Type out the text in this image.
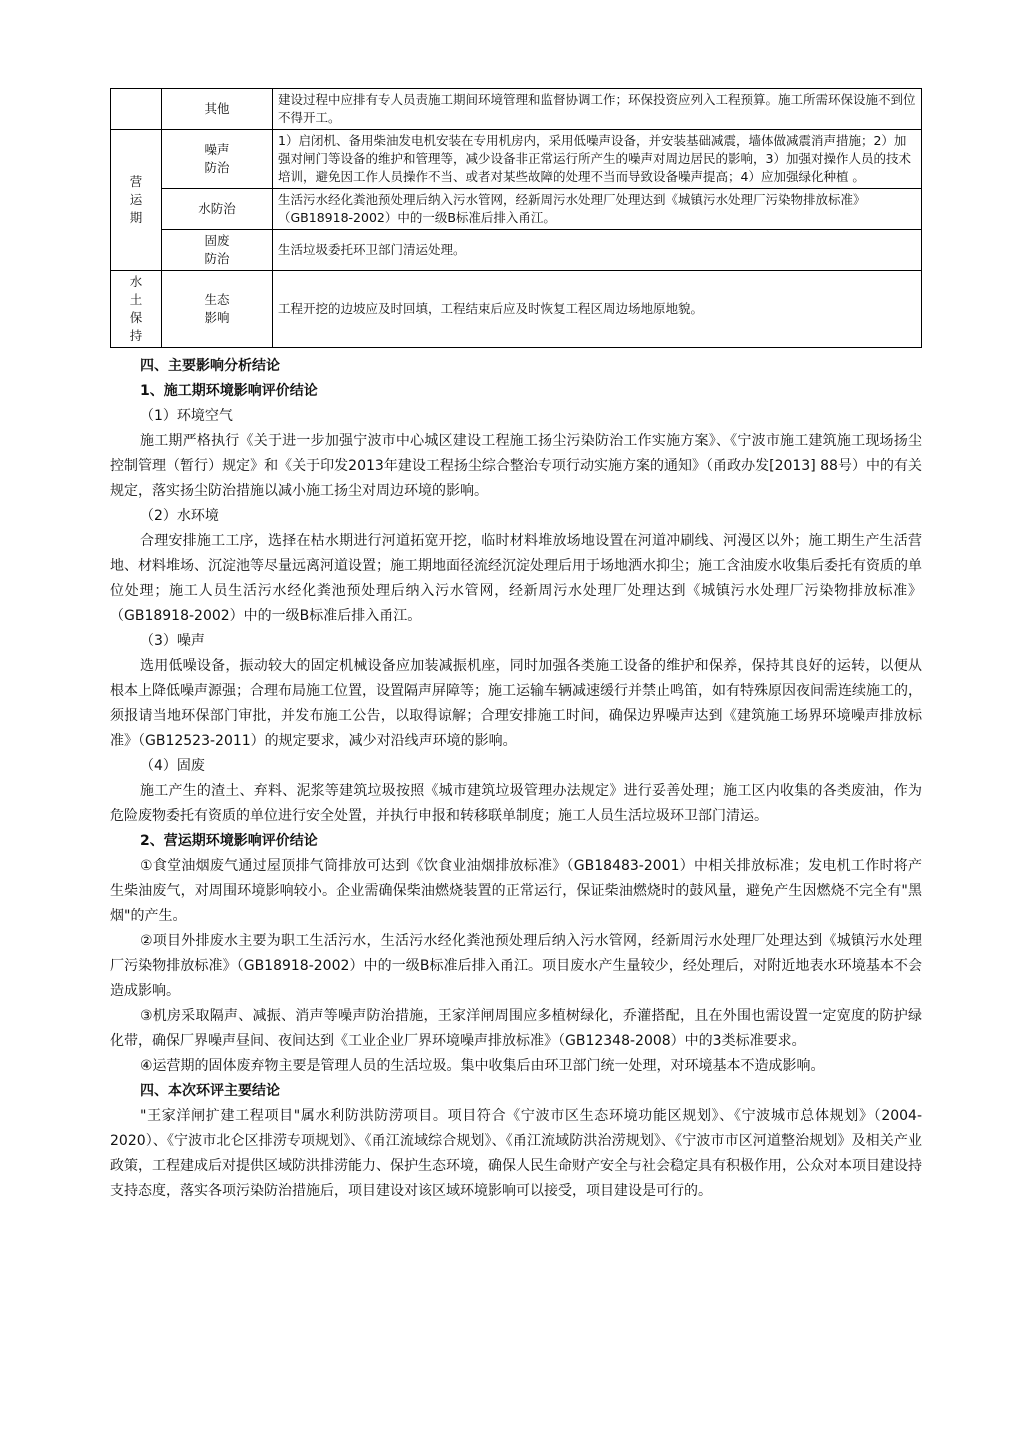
	其他	建设过程中应排有专人员责施工期间环境管理和监督协调工作；环保投资应列入工程预算。施工所需环保设施不到位不得开工。
营运期	噪声防治	1）启闭机、备用柴油发电机安装在专用机房内，采用低噪声设备，并安装基础减震，墙体做减震消声措施；2）加强对闸门等设备的维护和管理等，减少设备非正常运行所产生的噪声对周边居民的影响，3）加强对操作人员的技术培训，避免因工作人员操作不当、或者对某些故障的处理不当而导致设备噪声提高；4）应加强绿化种植 。
	水防治	生活污水经化粪池预处理后纳入污水管网，经新周污水处理厂处理达到《城镇污水处理厂污染物排放标准》（GB18918-2002）中的一级B标准后排入甬江。
	固废防治	生活垃圾委托环卫部门清运处理。
水土保持	生态影响	工程开挖的边坡应及时回填，工程结束后应及时恢复工程区周边场地原地貌。
四、主要影响分析结论
1、施工期环境影响评价结论
（1）环境空气

施工期严格执行《关于进一步加强宁波市中心城区建设工程施工扬尘污染防治工作实施方案》、《宁波市施工建筑施工现场扬尘控制管理（暂行）规定》和《关于印发2013年建设工程扬尘综合整治专项行动实施方案的通知》（甬政办发[2013] 88号）中的有关规定，落实扬尘防治措施以减小施工扬尘对周边环境的影响。

（2）水环境

合理安排施工工序，选择在枯水期进行河道拓宽开挖，临时材料堆放场地设置在河道冲刷线、河漫区以外；施工期生产生活营地、材料堆场、沉淀池等尽量远离河道设置；施工期地面径流经沉淀处理后用于场地洒水抑尘；施工含油废水收集后委托有资质的单位处理；施工人员生活污水经化粪池预处理后纳入污水管网，经新周污水处理厂处理达到《城镇污水处理厂污染物排放标准》（GB18918-2002）中的一级B标准后排入甬江。

（3）噪声

选用低噪设备，振动较大的固定机械设备应加装减振机座，同时加强各类施工设备的维护和保养，保持其良好的运转，以便从根本上降低噪声源强；合理布局施工位置，设置隔声屏障等；施工运输车辆减速缓行并禁止鸣笛，如有特殊原因夜间需连续施工的，须报请当地环保部门审批，并发布施工公告，以取得谅解；合理安排施工时间，确保边界噪声达到《建筑施工场界环境噪声排放标准》（GB12523-2011）的规定要求，减少对沿线声环境的影响。

（4）固废

施工产生的渣土、弃料、泥浆等建筑垃圾按照《城市建筑垃圾管理办法规定》进行妥善处理；施工区内收集的各类废油，作为危险废物委托有资质的单位进行安全处置，并执行申报和转移联单制度；施工人员生活垃圾环卫部门清运。

2、营运期环境影响评价结论

①食堂油烟废气通过屋顶排气筒排放可达到《饮食业油烟排放标准》（GB18483-2001）中相关排放标准；发电机工作时将产生柴油废气，对周围环境影响较小。企业需确保柴油燃烧装置的正常运行，保证柴油燃烧时的鼓风量，避免产生因燃烧不完全有"黑烟"的产生。

②项目外排废水主要为职工生活污水，生活污水经化粪池预处理后纳入污水管网，经新周污水处理厂处理达到《城镇污水处理厂污染物排放标准》（GB18918-2002）中的一级B标准后排入甬江。项目废水产生量较少，经处理后，对附近地表水环境基本不会造成影响。

③机房采取隔声、减振、消声等噪声防治措施，王家洋闸周围应多植树绿化，乔灌搭配，且在外围也需设置一定宽度的防护绿化带，确保厂界噪声昼间、夜间达到《工业企业厂界环境噪声排放标准》（GB12348-2008）中的3类标准要求。

④运营期的固体废弃物主要是管理人员的生活垃圾。集中收集后由环卫部门统一处理，对环境基本不造成影响。

四、本次环评主要结论

"王家洋闸扩建工程项目"属水利防洪防涝项目。项目符合《宁波市区生态环境功能区规划》、《宁波城市总体规划》（2004-2020）、《宁波市北仑区排涝专项规划》、《甬江流域综合规划》、《甬江流域防洪治涝规划》、《宁波市市区河道整治规划》及相关产业政策，工程建成后对提供区域防洪排涝能力、保护生态环境，确保人民生命财产安全与社会稳定具有积极作用，公众对本项目建设持支持态度，落实各项污染防治措施后，项目建设对该区域环境影响可以接受，项目建设是可行的。
